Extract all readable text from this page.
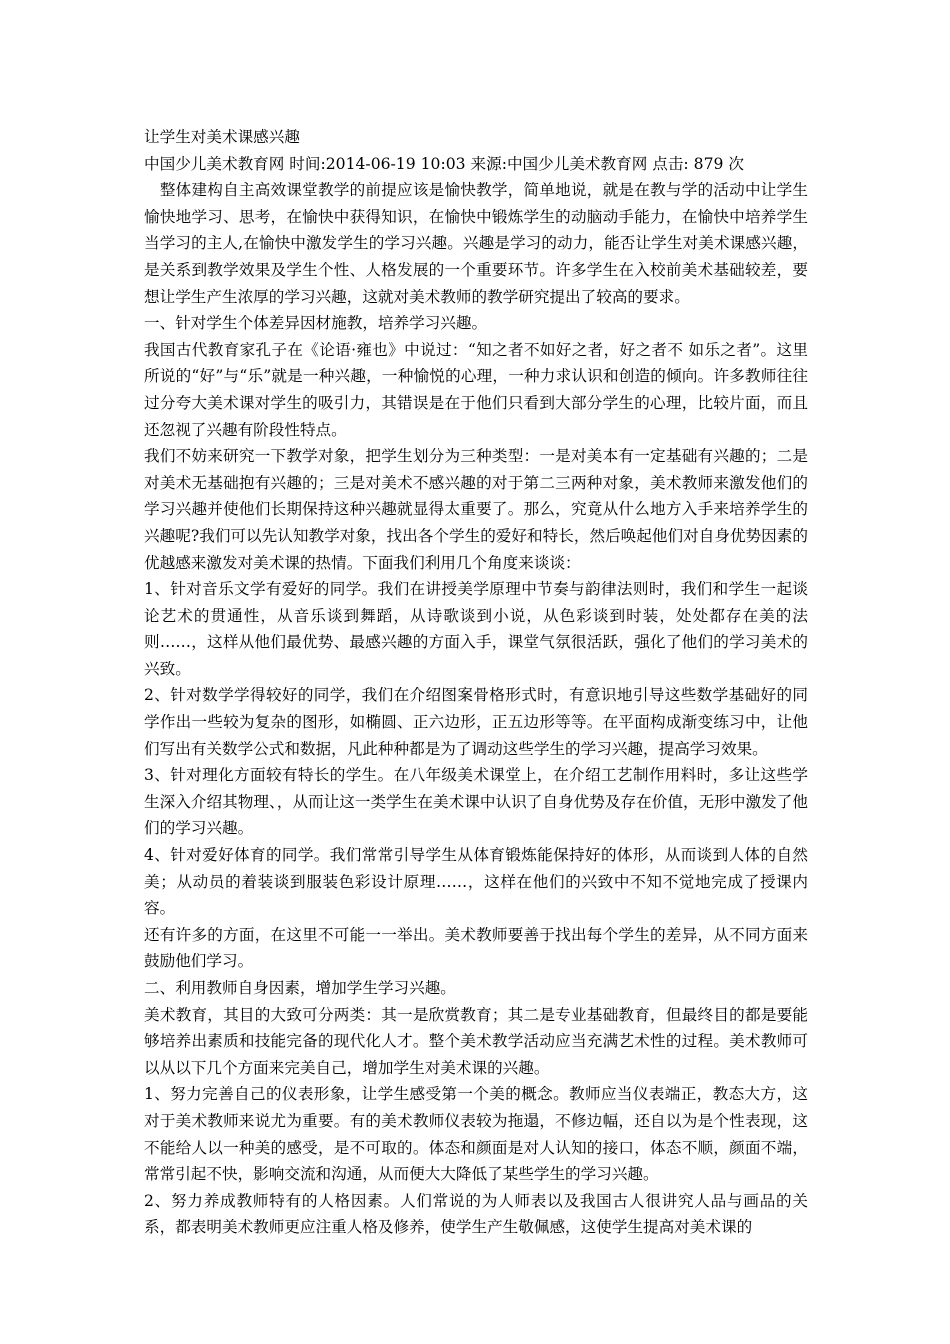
让学生对美术课感兴趣

中国少儿美术教育网 时间:2014-06-19 10:03 来源:中国少儿美术教育网 点击: 879 次

　整体建构自主高效课堂教学的前提应该是愉快教学，简单地说，就是在教与学的活动中让学生愉快地学习、思考，在愉快中获得知识，在愉快中锻炼学生的动脑动手能力，在愉快中培养学生当学习的主人,在愉快中激发学生的学习兴趣。兴趣是学习的动力，能否让学生对美术课感兴趣，是关系到教学效果及学生个性、人格发展的一个重要环节。许多学生在入校前美术基础较差，要想让学生产生浓厚的学习兴趣，这就对美术教师的教学研究提出了较高的要求。

一、针对学生个体差异因材施教，培养学习兴趣。

我国古代教育家孔子在《论语·雍也》中说过：“知之者不如好之者，好之者不 如乐之者”。这里所说的“好”与“乐”就是一种兴趣，一种愉悦的心理，一种力求认识和创造的倾向。许多教师往往过分夸大美术课对学生的吸引力，其错误是在于他们只看到大部分学生的心理，比较片面，而且还忽视了兴趣有阶段性特点。

我们不妨来研究一下教学对象，把学生划分为三种类型：一是对美本有一定基础有兴趣的；二是对美术无基础抱有兴趣的；三是对美术不感兴趣的对于第二三两种对象，美术教师来激发他们的学习兴趣并使他们长期保持这种兴趣就显得太重要了。那么，究竟从什么地方入手来培养学生的兴趣呢?我们可以先认知教学对象，找出各个学生的爱好和特长，然后唤起他们对自身优势因素的优越感来激发对美术课的热情。下面我们利用几个角度来谈谈：

1、针对音乐文学有爱好的同学。我们在讲授美学原理中节奏与韵律法则时，我们和学生一起谈论艺术的贯通性，从音乐谈到舞蹈，从诗歌谈到小说，从色彩谈到时装，处处都存在美的法则……，这样从他们最优势、最感兴趣的方面入手，课堂气氛很活跃，强化了他们的学习美术的兴致。

2、针对数学学得较好的同学，我们在介绍图案骨格形式时，有意识地引导这些数学基础好的同学作出一些较为复杂的图形，如椭圆、正六边形，正五边形等等。在平面构成渐变练习中，让他们写出有关数学公式和数据，凡此种种都是为了调动这些学生的学习兴趣，提高学习效果。

3、针对理化方面较有特长的学生。在八年级美术课堂上，在介绍工艺制作用料时，多让这些学生深入介绍其物理、，从而让这一类学生在美术课中认识了自身优势及存在价值，无形中激发了他们的学习兴趣。

4、针对爱好体育的同学。我们常常引导学生从体育锻炼能保持好的体形，从而谈到人体的自然美；从动员的着装谈到服装色彩设计原理……，这样在他们的兴致中不知不觉地完成了授课内容。

还有许多的方面，在这里不可能一一举出。美术教师要善于找出每个学生的差异，从不同方面来鼓励他们学习。

二、利用教师自身因素，增加学生学习兴趣。

美术教育，其目的大致可分两类：其一是欣赏教育；其二是专业基础教育，但最终目的都是要能够培养出素质和技能完备的现代化人才。整个美术教学活动应当充满艺术性的过程。美术教师可以从以下几个方面来完美自己，增加学生对美术课的兴趣。

1、努力完善自己的仪表形象，让学生感受第一个美的概念。教师应当仪表端正，教态大方，这对于美术教师来说尤为重要。有的美术教师仪表较为拖遢，不修边幅，还自以为是个性表现，这不能给人以一种美的感受，是不可取的。体态和颜面是对人认知的接口，体态不顺，颜面不端，常常引起不快，影响交流和沟通，从而便大大降低了某些学生的学习兴趣。

2、努力养成教师特有的人格因素。人们常说的为人师表以及我国古人很讲究人品与画品的关系，都表明美术教师更应注重人格及修养，使学生产生敬佩感，这使学生提高对美术课的
